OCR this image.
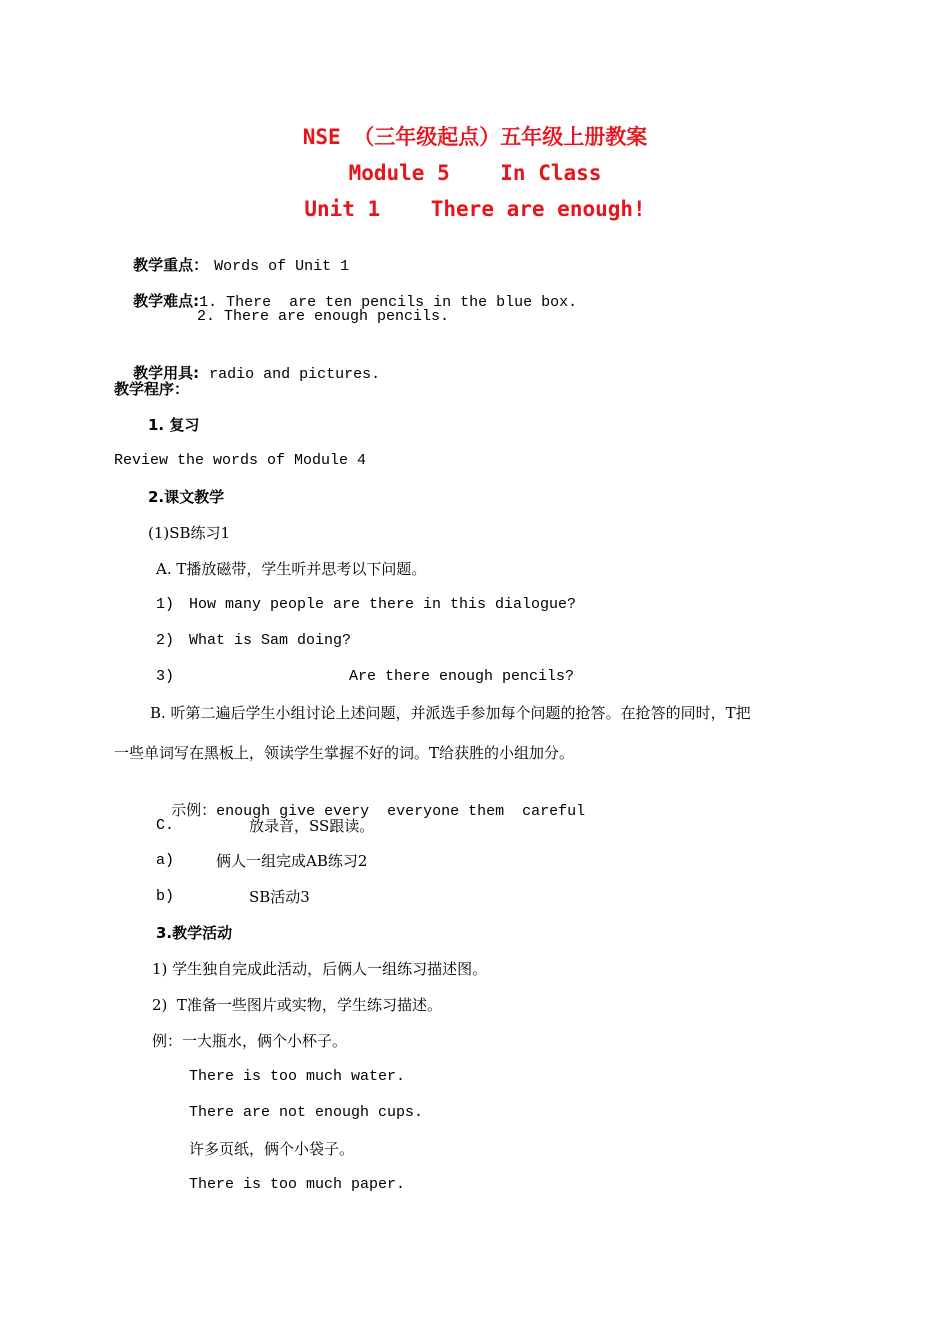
NSE （三年级起点）五年级上册教案
Module 5    In Class
Unit 1    There are enough!

教学重点： Words of Unit 1

教学难点:1. There  are ten pencils in the blue box.

2. There are enough pencils.

教学用具: radio and pictures.

教学程序：
1. 复习
Review the words of Module 4
2.课文教学
(1)SB练习1
A. T播放磁带，学生听并思考以下问题。
1) How many people are there in this dialogue?
2) What is Sam doing?
3)	Are there enough pencils?
B. 听第二遍后学生小组讨论上述问题，并派选手参加每个问题的抢答。在抢答的同时，T把
一些单词写在黑板上，领读学生掌握不好的词。T给获胜的小组加分。

示例：enough give every  everyone them  careful

C.	放录音，SS跟读。
a)	俩人一组完成AB练习2
b)	SB活动3
3.教学活动
1) 学生独自完成此活动，后俩人一组练习描述图。
2)  T准备一些图片或实物，学生练习描述。
例：一大瓶水，俩个小杯子。
There is too much water.
There are not enough cups.
许多页纸，俩个小袋子。
There is too much paper.
